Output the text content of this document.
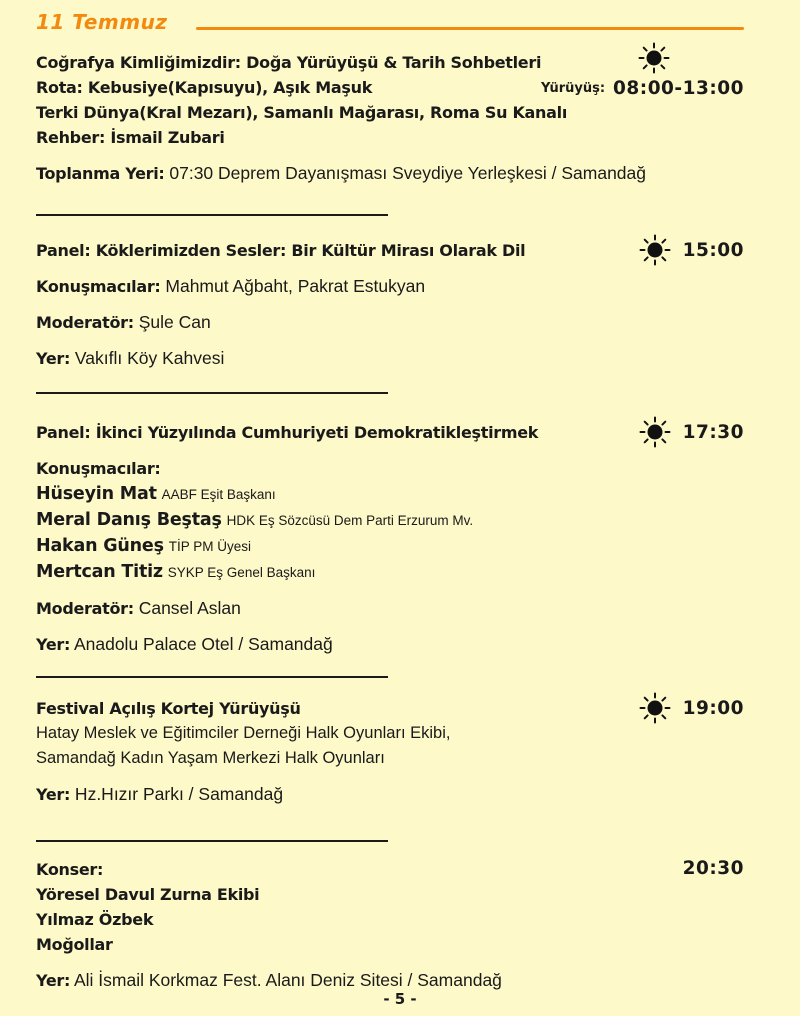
11 Temmuz
Coğrafya Kimliğimizdir: Doğa Yürüyüşü & Tarih Sohbetleri
Rota: Kebusiye(Kapısuyu), Aşık Maşuk
Terki Dünya(Kral Mezarı), Samanlı Mağarası, Roma Su Kanalı
Rehber: İsmail Zubari
Toplanma Yeri: 07:30 Deprem Dayanışması Sveydiye Yerleşkesi / Samandağ
Yürüyüş: 08:00-13:00
Panel: Köklerimizden Sesler: Bir Kültür Mirası Olarak Dil
Konuşmacılar: Mahmut Ağbaht, Pakrat Estukyan
Moderatör: Şule Can
Yer: Vakıflı Köy Kahvesi
15:00
Panel: İkinci Yüzyılında Cumhuriyeti Demokratikleştirmek
Konuşmacılar:
Hüseyin Mat AABF Eşit Başkanı
Meral Danış Beştaş HDK Eş Sözcüsü Dem Parti Erzurum Mv.
Hakan Güneş TİP PM Üyesi
Mertcan Titiz SYKP Eş Genel Başkanı
Moderatör: Cansel Aslan
Yer: Anadolu Palace Otel / Samandağ
17:30
Festival Açılış Kortej Yürüyüşü
Hatay Meslek ve Eğitimciler Derneği Halk Oyunları Ekibi,
Samandağ Kadın Yaşam Merkezi Halk Oyunları
Yer: Hz.Hızır Parkı / Samandağ
19:00
Konser:
Yöresel Davul Zurna Ekibi
Yılmaz Özbek
Moğollar
Yer: Ali İsmail Korkmaz Fest. Alanı Deniz Sitesi / Samandağ
20:30
- 5 -
